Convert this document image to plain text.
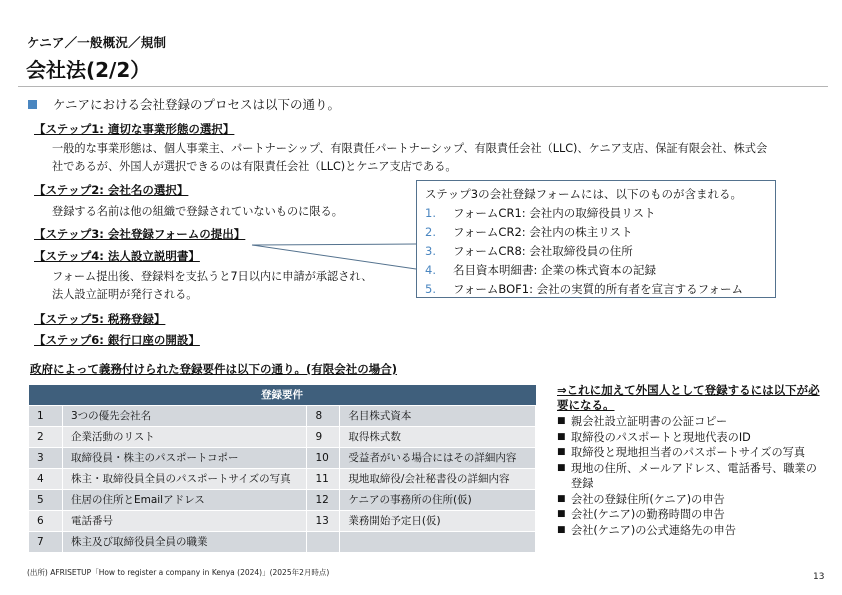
ケニア／一般概況／規制
会社法(2/2）
ケニアにおける会社登録のプロセスは以下の通り。
【ステップ1: 適切な事業形態の選択】
一般的な事業形態は、個人事業主、パートナーシップ、有限責任パートナーシップ、有限責任会社（LLC)、ケニア支店、保証有限会社、株式会
社であるが、外国人が選択できるのは有限責任会社（LLC)とケニア支店である。
【ステップ2: 会社名の選択】
登録する名前は他の組織で登録されていないものに限る。
【ステップ3: 会社登録フォームの提出】
【ステップ4: 法人設立説明書】
フォーム提出後、登録料を支払うと7日以内に申請が承認され、
法人設立証明が発行される。
【ステップ5: 税務登録】
【ステップ6: 銀行口座の開設】
ステップ3の会社登録フォームには、以下のものが含まれる。
1.	フォームCR1: 会社内の取締役員リスト
2.	フォームCR2: 会社内の株主リスト
3.	フォームCR8: 会社取締役員の住所
4.	名目資本明細書: 企業の株式資本の記録
5.	フォームBOF1: 会社の実質的所有者を宣言するフォーム
政府によって義務付けられた登録要件は以下の通り。(有限会社の場合)
登録要件			
1	3つの優先会社名	8	名目株式資本
2	企業活動のリスト	9	取得株式数
3	取締役員・株主のパスポートコポー	10	受益者がいる場合にはその詳細内容
4	株主・取締役員全員のパスポートサイズの写真	11	現地取締役/会社秘書役の詳細内容
5	住居の住所とEmailアドレス	12	ケニアの事務所の住所(仮)
6	電話番号	13	業務開始予定日(仮)
7	株主及び取締役員全員の職業		
⇒これに加えて外国人として登録するには以下が必要になる。
■ 親会社設立証明書の公証コピー
■ 取締役のパスポートと現地代表のID
■ 取締役と現地担当者のパスポートサイズの写真
■ 現地の住所、メールアドレス、電話番号、職業の登録
■ 会社の登録住所(ケニア)の申告
■ 会社(ケニア)の勤務時間の申告
■ 会社(ケニア)の公式連絡先の申告
(出所) AFRISETUP「How to register a company in Kenya (2024)」(2025年2月時点)	13
